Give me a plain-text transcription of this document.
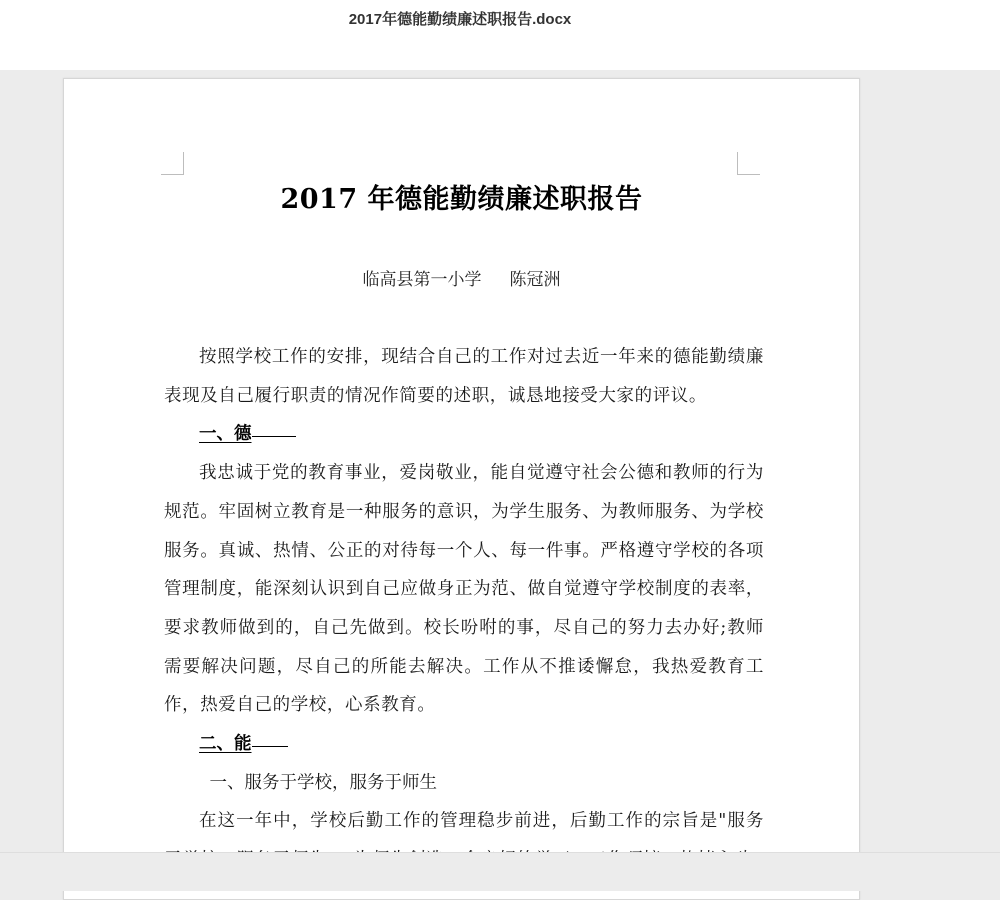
2017年德能勤绩廉述职报告.docx
2017 年德能勤绩廉述职报告
临高县第一小学 陈冠洲

按照学校工作的安排，现结合自己的工作对过去近一年来的德能勤绩廉表现及自己履行职责的情况作简要的述职，诚恳地接受大家的评议。

一、德

我忠诚于党的教育事业，爱岗敬业，能自觉遵守社会公德和教师的行为规范。牢固树立教育是一种服务的意识，为学生服务、为教师服务、为学校服务。真诚、热情、公正的对待每一个人、每一件事。严格遵守学校的各项管理制度，能深刻认识到自己应做身正为范、做自觉遵守学校制度的表率，要求教师做到的，自己先做到。校长吩咐的事，尽自己的努力去办好;教师需要解决问题，尽自己的所能去解决。工作从不推诿懈怠，我热爱教育工作，热爱自己的学校，心系教育。

二、能

一、服务于学校，服务于师生

在这一年中，学校后勤工作的管理稳步前进，后勤工作的宗旨是"服务
